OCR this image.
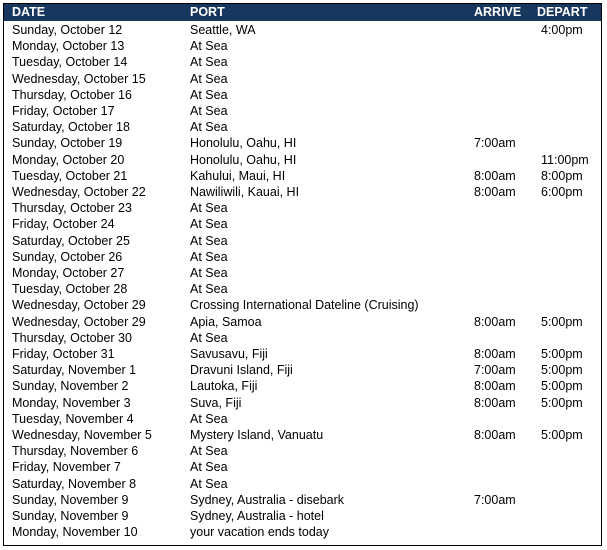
DATE	PORT	ARRIVE	DEPART
Sunday, October 12	Seattle, WA		4:00pm
Monday, October 13	At Sea		
Tuesday, October 14	At Sea		
Wednesday, October 15	At Sea		
Thursday, October 16	At Sea		
Friday, October 17	At Sea		
Saturday, October 18	At Sea		
Sunday, October 19	Honolulu, Oahu, HI	7:00am	
Monday, October 20	Honolulu, Oahu, HI		11:00pm
Tuesday, October 21	Kahului, Maui, HI	8:00am	8:00pm
Wednesday, October 22	Nawiliwili, Kauai, HI	8:00am	6:00pm
Thursday, October 23	At Sea		
Friday, October 24	At Sea		
Saturday, October 25	At Sea		
Sunday, October 26	At Sea		
Monday, October 27	At Sea		
Tuesday, October 28	At Sea		
Wednesday, October 29	Crossing International Dateline (Cruising)		
Wednesday, October 29	Apia, Samoa	8:00am	5:00pm
Thursday, October 30	At Sea		
Friday, October 31	Savusavu, Fiji	8:00am	5:00pm
Saturday, November 1	Dravuni Island, Fiji	7:00am	5:00pm
Sunday, November 2	Lautoka, Fiji	8:00am	5:00pm
Monday, November 3	Suva, Fiji	8:00am	5:00pm
Tuesday, November 4	At Sea		
Wednesday, November 5	Mystery Island, Vanuatu	8:00am	5:00pm
Thursday, November 6	At Sea		
Friday, November 7	At Sea		
Saturday, November 8	At Sea		
Sunday, November 9	Sydney, Australia - disebark	7:00am	
Sunday, November 9	Sydney, Australia - hotel		
Monday, November 10	your vacation ends today		
